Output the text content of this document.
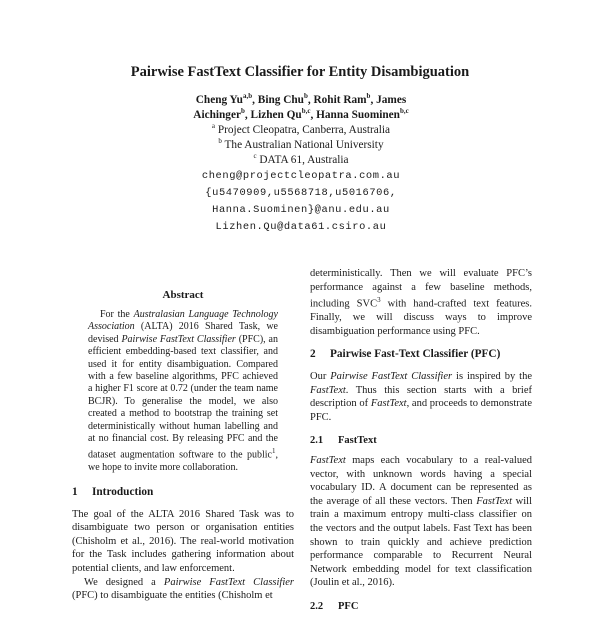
Pairwise FastText Classifier for Entity Disambiguation
Cheng Yu$^{a,b}$, Bing Chu$^b$, Rohit Ram$^b$, James
Aichinger$^b$, Lizhen Qu$^{b,c}$, Hanna Suominen$^{b,c}$
$^a$ Project Cleopatra, Canberra, Australia
$^b$ The Australian National University
$^c$ DATA 61, Australia
cheng@projectcleopatra.com.au
{u5470909,u5568718,u5016706,
Hanna.Suominen}@anu.edu.au
Lizhen.Qu@data61.csiro.au
Abstract

For the Australasian Language Technology Association (ALTA) 2016 Shared Task, we devised Pairwise FastText Classifier (PFC), an efficient embedding-based text classifier, and used it for entity disambiguation. Compared with a few baseline algorithms, PFC achieved a higher F1 score at 0.72 (under the team name BCJR). To generalise the model, we also created a method to bootstrap the training set deterministically without human labelling and at no financial cost. By releasing PFC and the dataset augmentation software to the public$^1$, we hope to invite more collaboration.

1 Introduction

The goal of the ALTA 2016 Shared Task was to disambiguate two person or organisation entities (Chisholm et al., 2016). The real-world motivation for the Task includes gathering information about potential clients, and law enforcement.

We designed a Pairwise FastText Classifier (PFC) to disambiguate the entities (Chisholm et

deterministically. Then we will evaluate PFC’s performance against a few baseline methods, including SVC$^3$ with hand-crafted text features. Finally, we will discuss ways to improve disambiguation performance using PFC.

2 Pairwise Fast-Text Classifier (PFC)

Our Pairwise FastText Classifier is inspired by the FastText. Thus this section starts with a brief description of FastText, and proceeds to demonstrate PFC.

2.1 FastText

FastText maps each vocabulary to a real-valued vector, with unknown words having a special vocabulary ID. A document can be represented as the average of all these vectors. Then FastText will train a maximum entropy multi-class classifier on the vectors and the output labels. Fast Text has been shown to train quickly and achieve prediction performance comparable to Recurrent Neural Network embedding model for text classification (Joulin et al., 2016).

2.2 PFC
